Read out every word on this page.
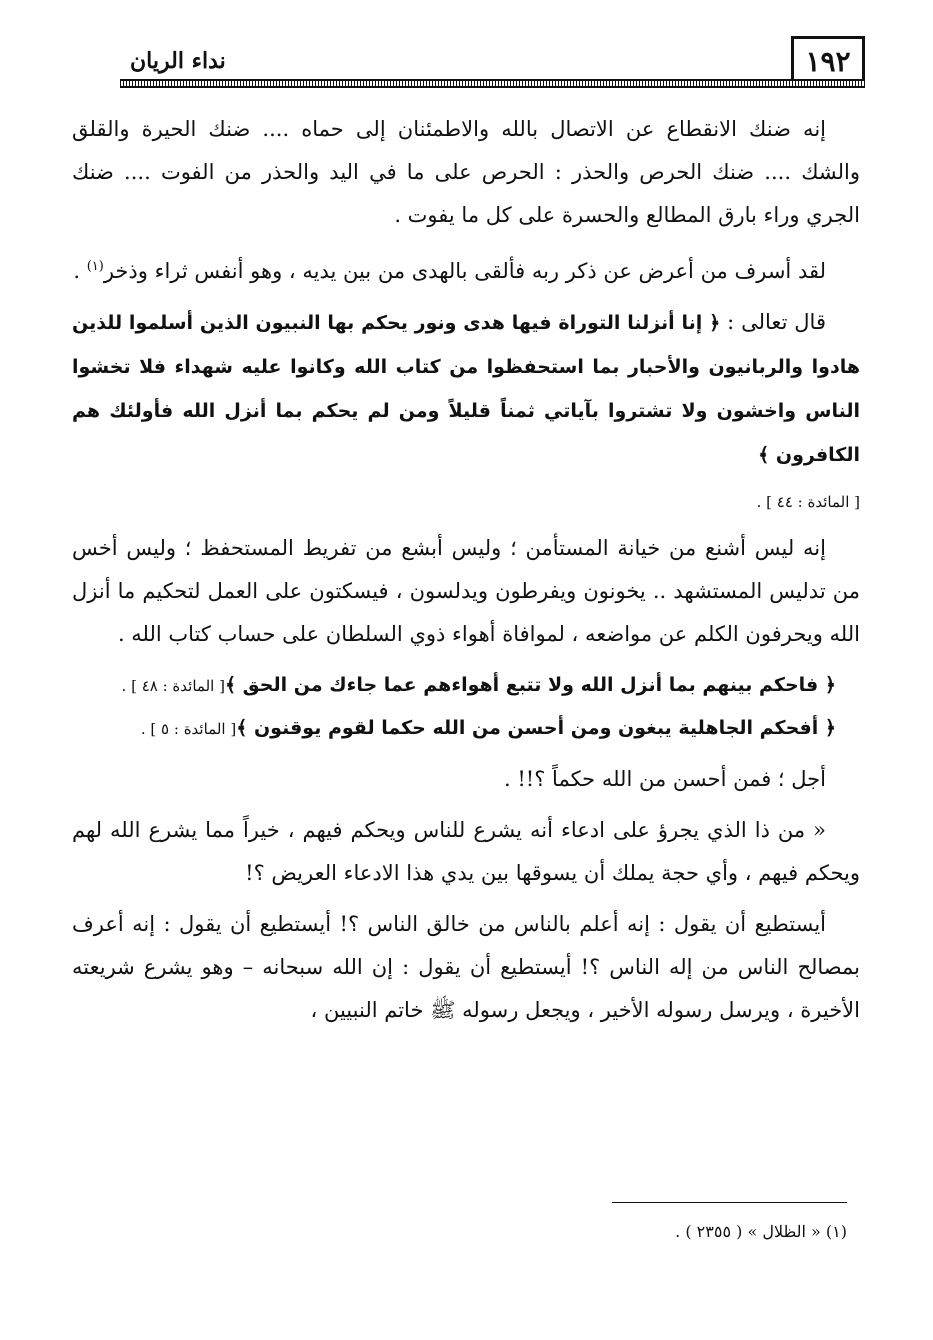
١٩٢
نداء الريان

إنه ضنك الانقطاع عن الاتصال بالله والاطمئنان إلى حماه .... ضنك الحيرة والقلق والشك .... ضنك الحرص والحذر : الحرص على ما في اليد والحذر من الفوت .... ضنك الجري وراء بارق المطالع والحسرة على كل ما يفوت .

لقد أسرف من أعرض عن ذكر ربه فألقى بالهدى من بين يديه ، وهو أنفس ثراء وذخر$^{(١)}$ .

قال تعالى : ﴿ إنا أنزلنا التوراة فيها هدى ونور يحكم بها النبيون الذين أسلموا للذين هادوا والربانيون والأحبار بما استحفظوا من كتاب الله وكانوا عليه شهداء فلا تخشوا الناس واخشون ولا تشتروا بآياتي ثمناً قليلاً ومن لم يحكم بما أنزل الله فأولئك هم الكافرون ﴾

[ المائدة : ٤٤ ] .

إنه ليس أشنع من خيانة المستأمن ؛ وليس أبشع من تفريط المستحفظ ؛ وليس أخس من تدليس المستشهد .. يخونون ويفرطون ويدلسون ، فيسكتون على العمل لتحكيم ما أنزل الله ويحرفون الكلم عن مواضعه ، لموافاة أهواء ذوي السلطان على حساب كتاب الله .

﴿ فاحكم بينهم بما أنزل الله ولا تتبع أهواءهم عما جاءك من الحق ﴾[ المائدة : ٤٨ ] .

﴿ أفحكم الجاهلية يبغون ومن أحسن من الله حكما لقوم يوقنون ﴾[ المائدة : ٥ ] .

أجل ؛ فمن أحسن من الله حكماً ؟!! .

« من ذا الذي يجرؤ على ادعاء أنه يشرع للناس ويحكم فيهم ، خيراً مما يشرع الله لهم ويحكم فيهم ، وأي حجة يملك أن يسوقها بين يدي هذا الادعاء العريض ؟!

أيستطيع أن يقول : إنه أعلم بالناس من خالق الناس ؟! أيستطيع أن يقول : إنه أعرف بمصالح الناس من إله الناس ؟! أيستطيع أن يقول : إن الله سبحانه – وهو يشرع شريعته الأخيرة ، ويرسل رسوله الأخير ، ويجعل رسوله ﷺ خاتم النبيين ،

(١) « الظلال » ( ٢٣٥٥ ) .
